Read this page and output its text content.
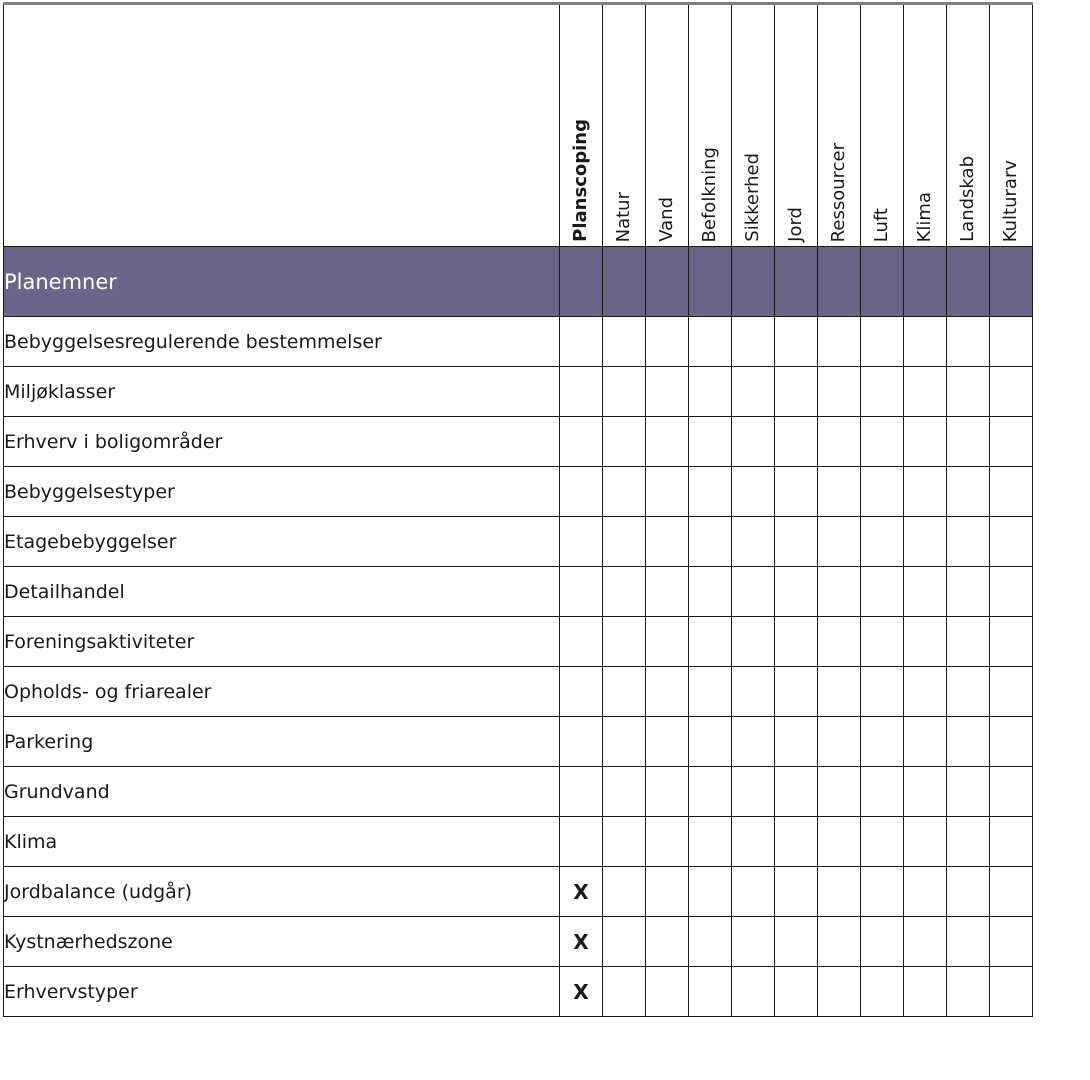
	Planscoping	Natur	Vand	Befolkning	Sikkerhed	Jord	Ressourcer	Luft	Klima	Landskab	Kulturarv
Planemner											
Bebyggelsesregulerende bestemmelser											
Miljøklasser											
Erhverv i boligområder											
Bebyggelsestyper											
Etagebebyggelser											
Detailhandel											
Foreningsaktiviteter											
Opholds- og friarealer											
Parkering											
Grundvand											
Klima											
Jordbalance (udgår)	X										
Kystnærhedszone	X										
Erhvervstyper	X										
